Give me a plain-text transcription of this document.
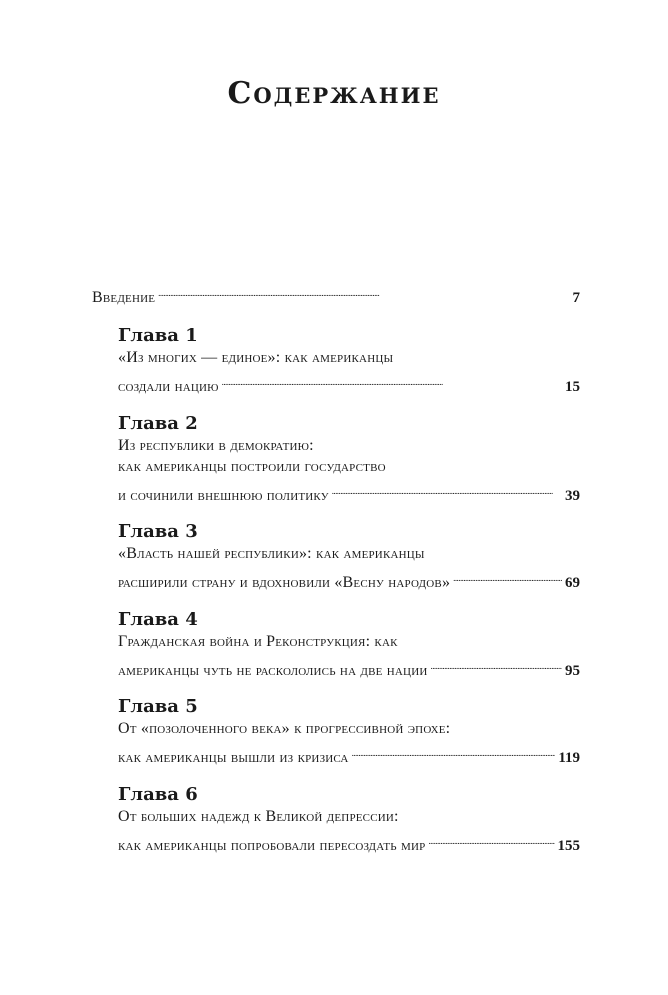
Содержание
Введение . . .	7
Глава 1
«Из многих — единое»: как американцы
создали нацию . . .	15
Глава 2
Из республики в демократию:
как американцы построили государство
и сочинили внешнюю политику . . .	39
Глава 3
«Власть нашей республики»: как американцы
расширили страну и вдохновили «Весну народов» . . .	69
Глава 4
Гражданская война и Реконструкция: как
американцы чуть не раскололись на две нации . . .	95
Глава 5
От «позолоченного века» к прогрессивной эпохе:
как американцы вышли из кризиса . . .	119
Глава 6
От больших надежд к Великой депрессии:
как американцы попробовали пересоздать мир . . .	155
